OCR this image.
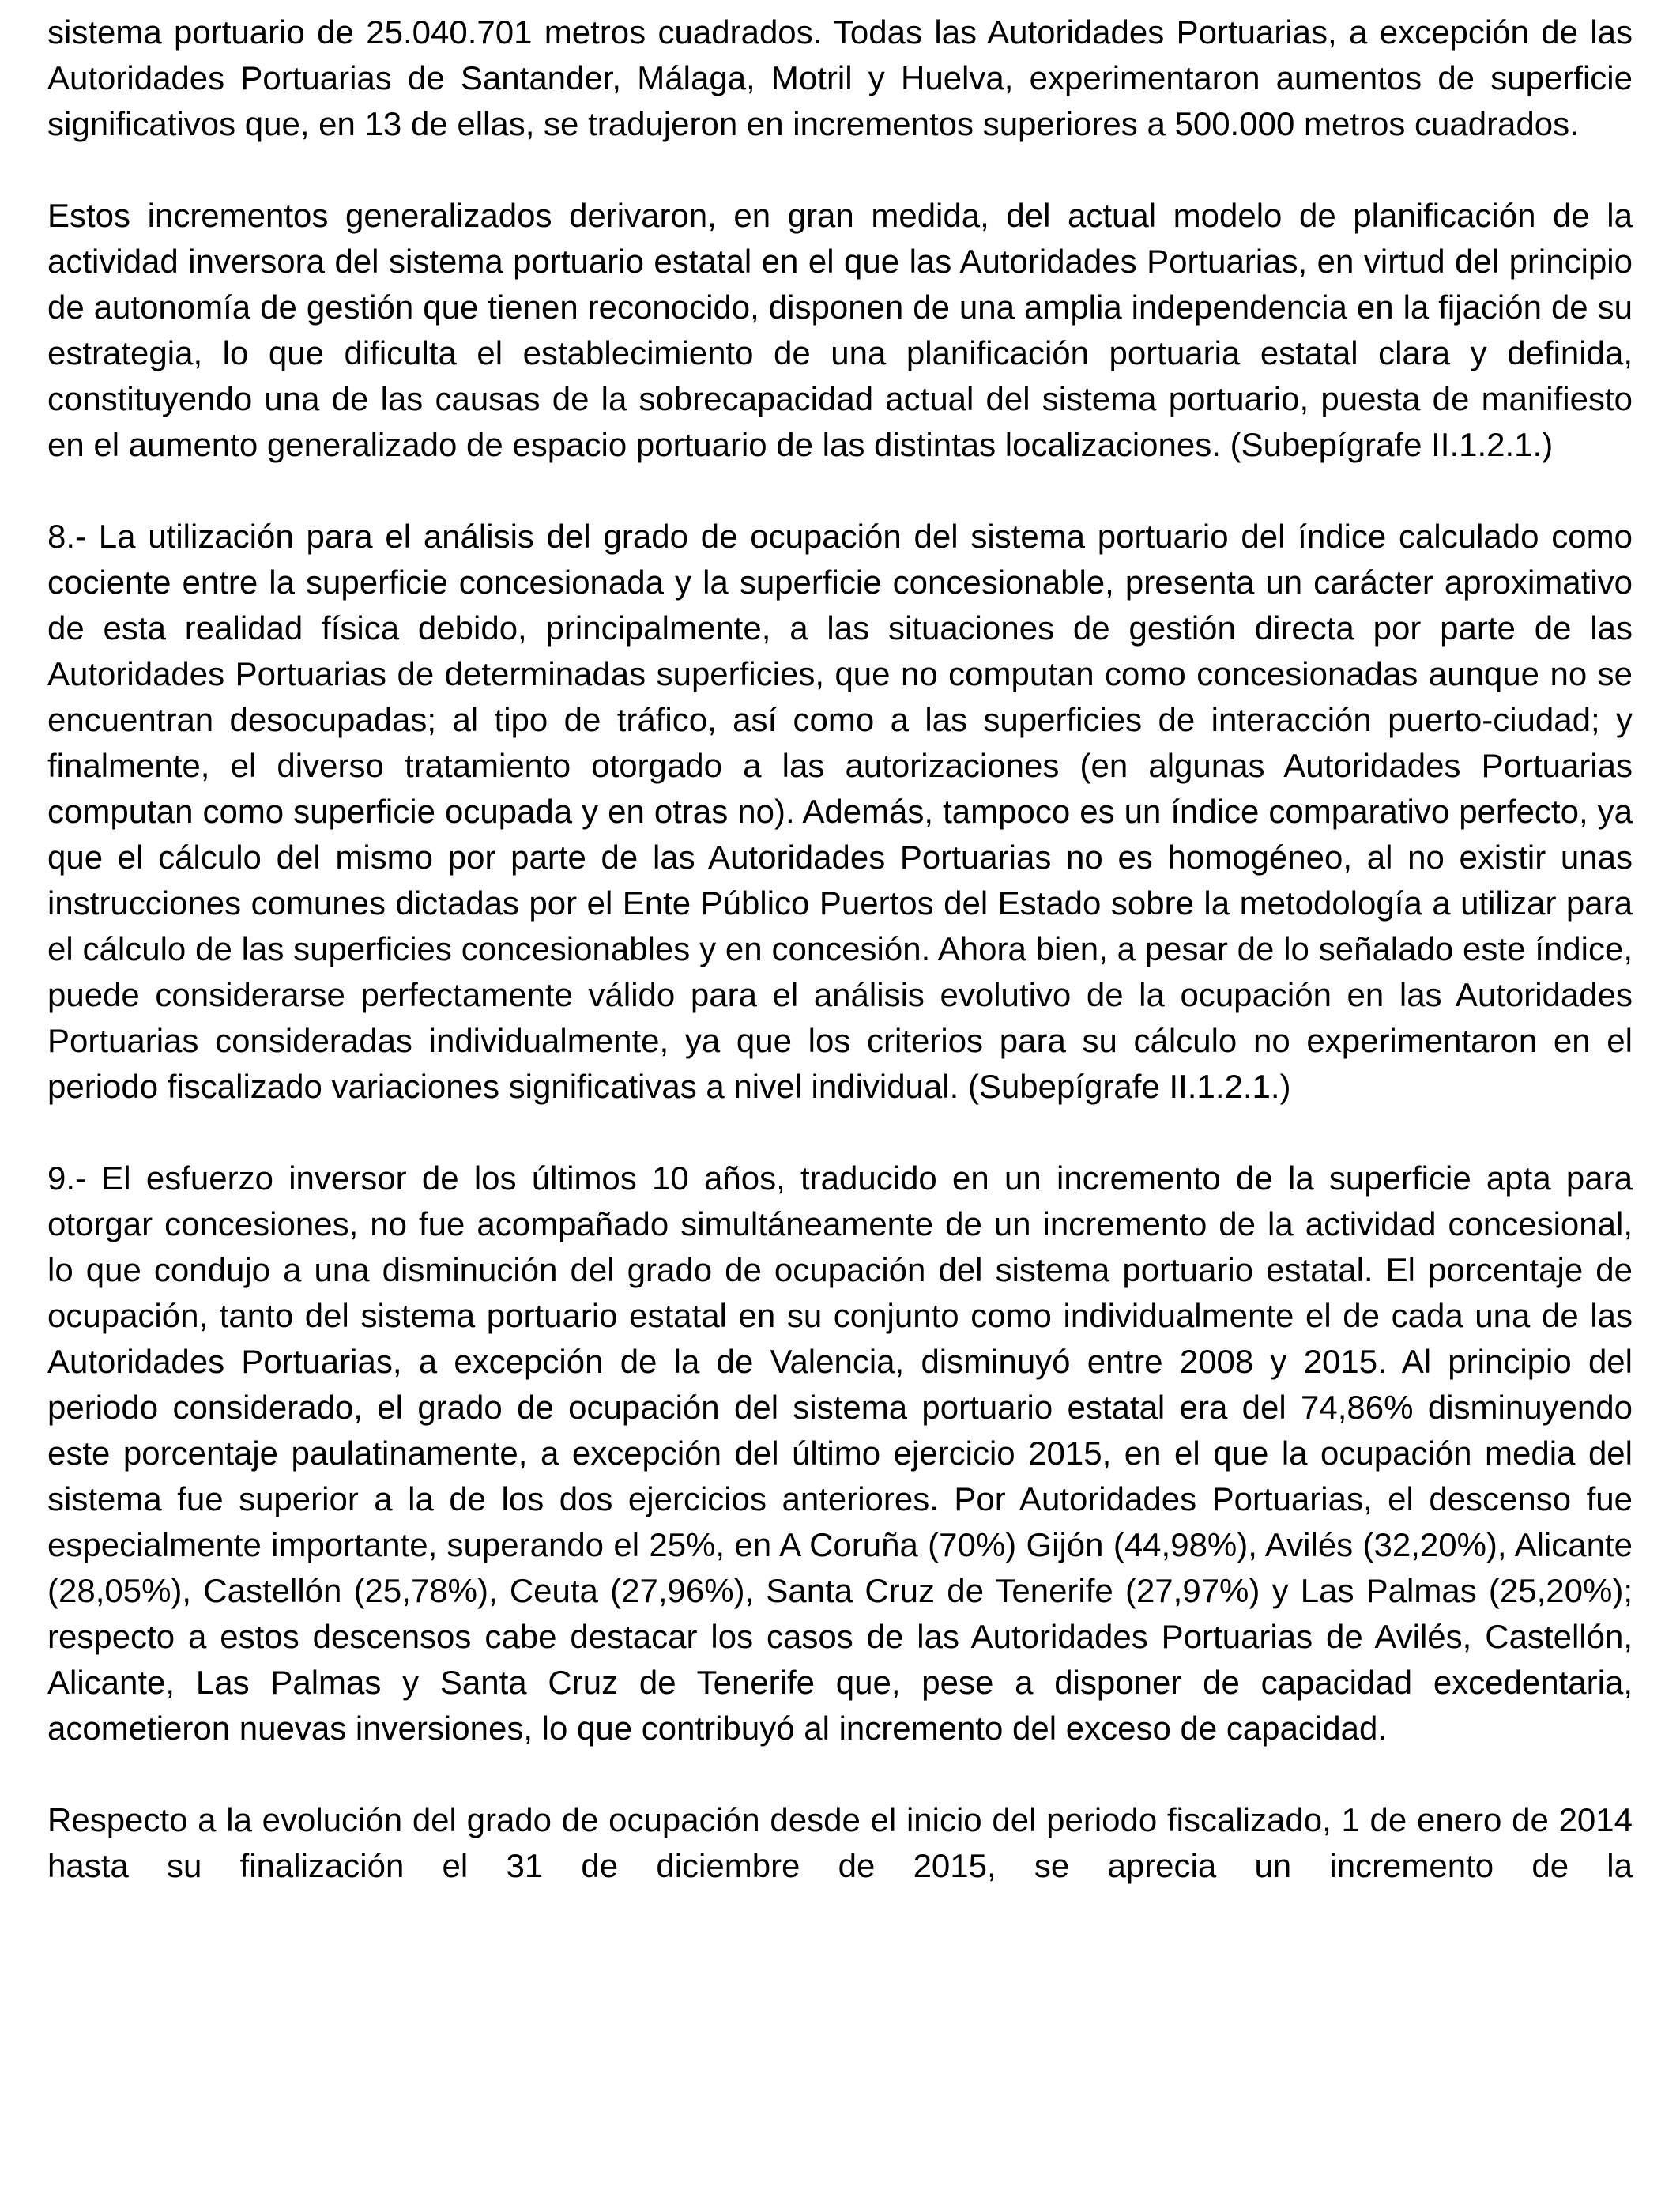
sistema portuario de 25.040.701 metros cuadrados. Todas las Autoridades Portuarias, a excepción de las Autoridades Portuarias de Santander, Málaga, Motril y Huelva, experimentaron aumentos de superficie significativos que, en 13 de ellas, se tradujeron en incrementos superiores a 500.000 metros cuadrados.

Estos incrementos generalizados derivaron, en gran medida, del actual modelo de planificación de la actividad inversora del sistema portuario estatal en el que las Autoridades Portuarias, en virtud del principio de autonomía de gestión que tienen reconocido, disponen de una amplia independencia en la fijación de su estrategia, lo que dificulta el establecimiento de una planificación portuaria estatal clara y definida, constituyendo una de las causas de la sobrecapacidad actual del sistema portuario, puesta de manifiesto en el aumento generalizado de espacio portuario de las distintas localizaciones. (Subepígrafe II.1.2.1.)

8.- La utilización para el análisis del grado de ocupación del sistema portuario del índice calculado como cociente entre la superficie concesionada y la superficie concesionable, presenta un carácter aproximativo de esta realidad física debido, principalmente, a las situaciones de gestión directa por parte de las Autoridades Portuarias de determinadas superficies, que no computan como concesionadas aunque no se encuentran desocupadas; al tipo de tráfico, así como a las superficies de interacción puerto-ciudad; y finalmente, el diverso tratamiento otorgado a las autorizaciones (en algunas Autoridades Portuarias computan como superficie ocupada y en otras no). Además, tampoco es un índice comparativo perfecto, ya que el cálculo del mismo por parte de las Autoridades Portuarias no es homogéneo, al no existir unas instrucciones comunes dictadas por el Ente Público Puertos del Estado sobre la metodología a utilizar para el cálculo de las superficies concesionables y en concesión. Ahora bien, a pesar de lo señalado este índice, puede considerarse perfectamente válido para el análisis evolutivo de la ocupación en las Autoridades Portuarias consideradas individualmente, ya que los criterios para su cálculo no experimentaron en el periodo fiscalizado variaciones significativas a nivel individual. (Subepígrafe II.1.2.1.)

9.- El esfuerzo inversor de los últimos 10 años, traducido en un incremento de la superficie apta para otorgar concesiones, no fue acompañado simultáneamente de un incremento de la actividad concesional, lo que condujo a una disminución del grado de ocupación del sistema portuario estatal. El porcentaje de ocupación, tanto del sistema portuario estatal en su conjunto como individualmente el de cada una de las Autoridades Portuarias, a excepción de la de Valencia, disminuyó entre 2008 y 2015. Al principio del periodo considerado, el grado de ocupación del sistema portuario estatal era del 74,86% disminuyendo este porcentaje paulatinamente, a excepción del último ejercicio 2015, en el que la ocupación media del sistema fue superior a la de los dos ejercicios anteriores. Por Autoridades Portuarias, el descenso fue especialmente importante, superando el 25%, en A Coruña (70%) Gijón (44,98%), Avilés (32,20%), Alicante (28,05%), Castellón (25,78%), Ceuta (27,96%), Santa Cruz de Tenerife (27,97%) y Las Palmas (25,20%); respecto a estos descensos cabe destacar los casos de las Autoridades Portuarias de Avilés, Castellón, Alicante, Las Palmas y Santa Cruz de Tenerife que, pese a disponer de capacidad excedentaria, acometieron nuevas inversiones, lo que contribuyó al incremento del exceso de capacidad.

Respecto a la evolución del grado de ocupación desde el inicio del periodo fiscalizado, 1 de enero de 2014 hasta su finalización el 31 de diciembre de 2015, se aprecia un incremento de la
